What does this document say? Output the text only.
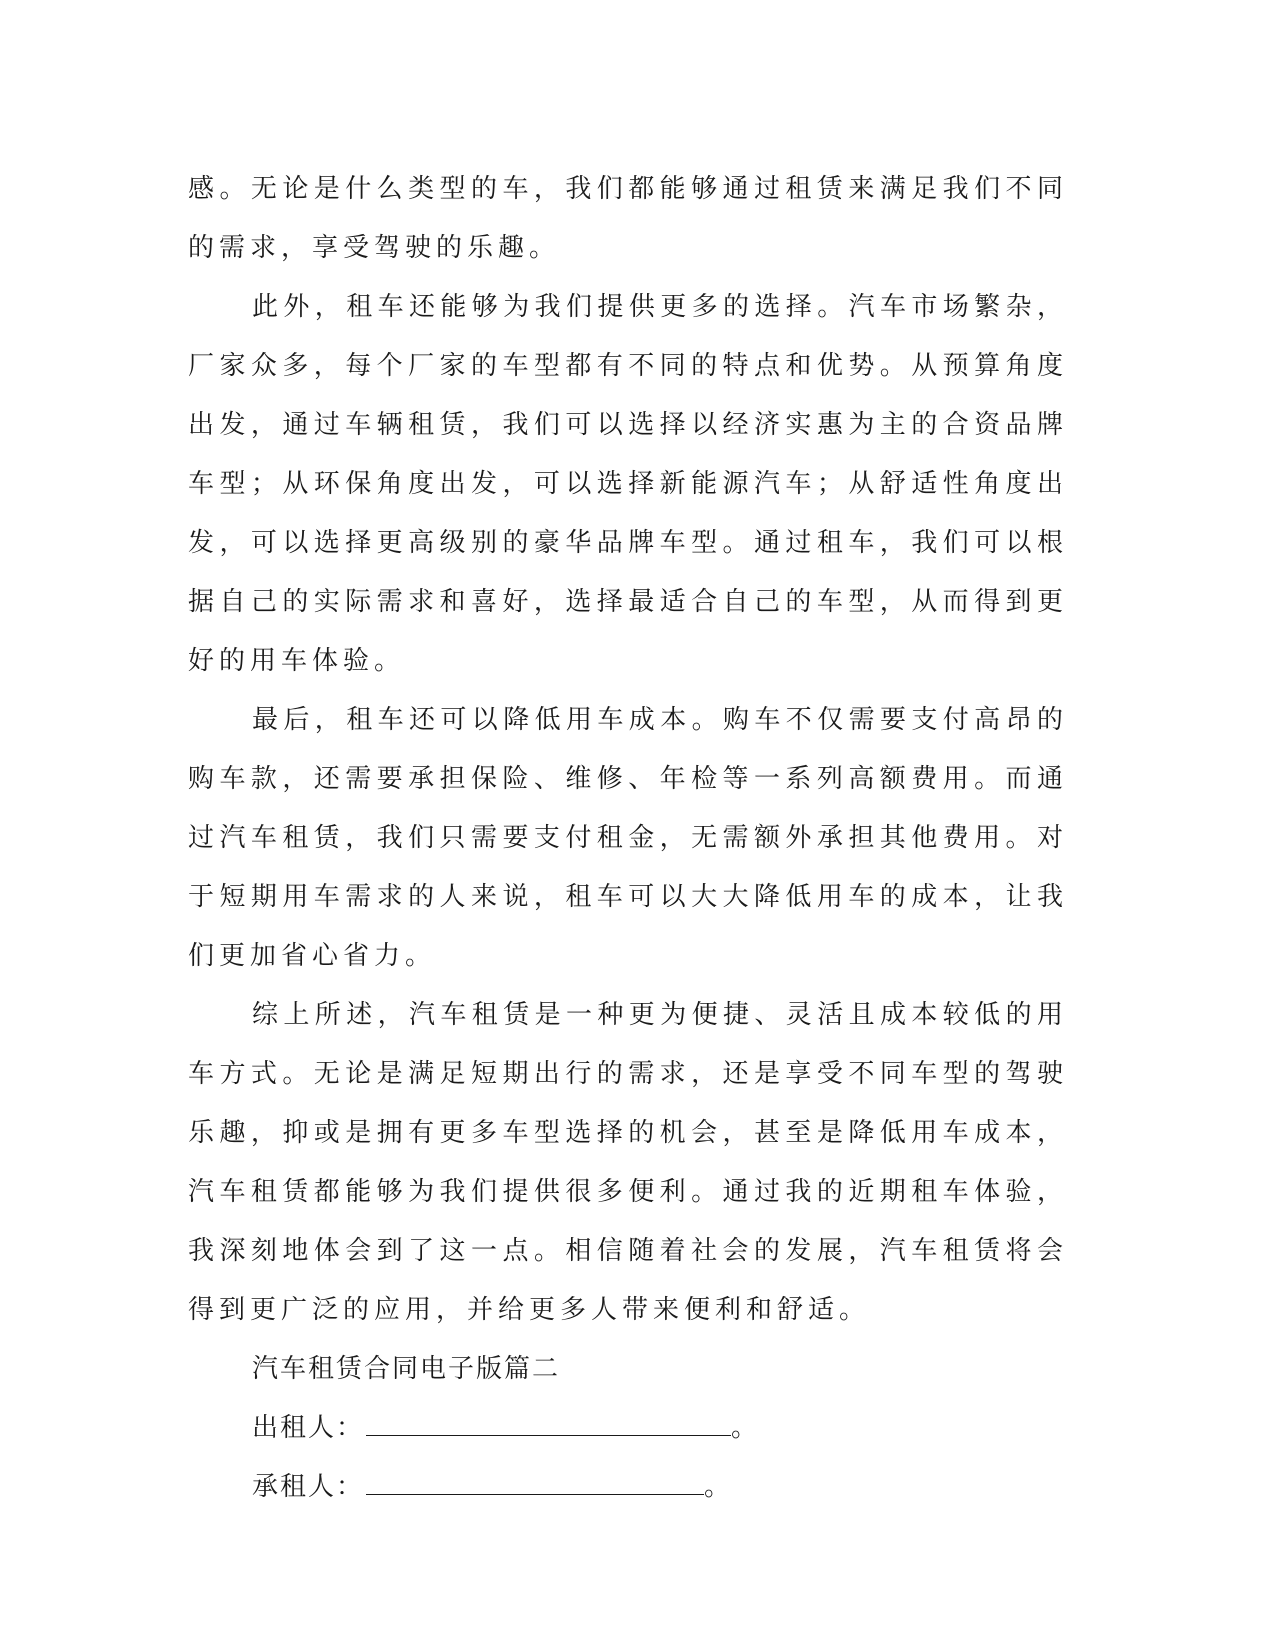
感。无论是什么类型的车，我们都能够通过租赁来满足我们不同的需求，享受驾驶的乐趣。

此外，租车还能够为我们提供更多的选择。汽车市场繁杂，厂家众多，每个厂家的车型都有不同的特点和优势。从预算角度出发，通过车辆租赁，我们可以选择以经济实惠为主的合资品牌车型；从环保角度出发，可以选择新能源汽车；从舒适性角度出发，可以选择更高级别的豪华品牌车型。通过租车，我们可以根据自己的实际需求和喜好，选择最适合自己的车型，从而得到更好的用车体验。

最后，租车还可以降低用车成本。购车不仅需要支付高昂的购车款，还需要承担保险、维修、年检等一系列高额费用。而通过汽车租赁，我们只需要支付租金，无需额外承担其他费用。对于短期用车需求的人来说，租车可以大大降低用车的成本，让我们更加省心省力。

综上所述，汽车租赁是一种更为便捷、灵活且成本较低的用车方式。无论是满足短期出行的需求，还是享受不同车型的驾驶乐趣，抑或是拥有更多车型选择的机会，甚至是降低用车成本，汽车租赁都能够为我们提供很多便利。通过我的近期租车体验，我深刻地体会到了这一点。相信随着社会的发展，汽车租赁将会得到更广泛的应用，并给更多人带来便利和舒适。

汽车租赁合同电子版篇二

出租人：	。

承租人：	。
